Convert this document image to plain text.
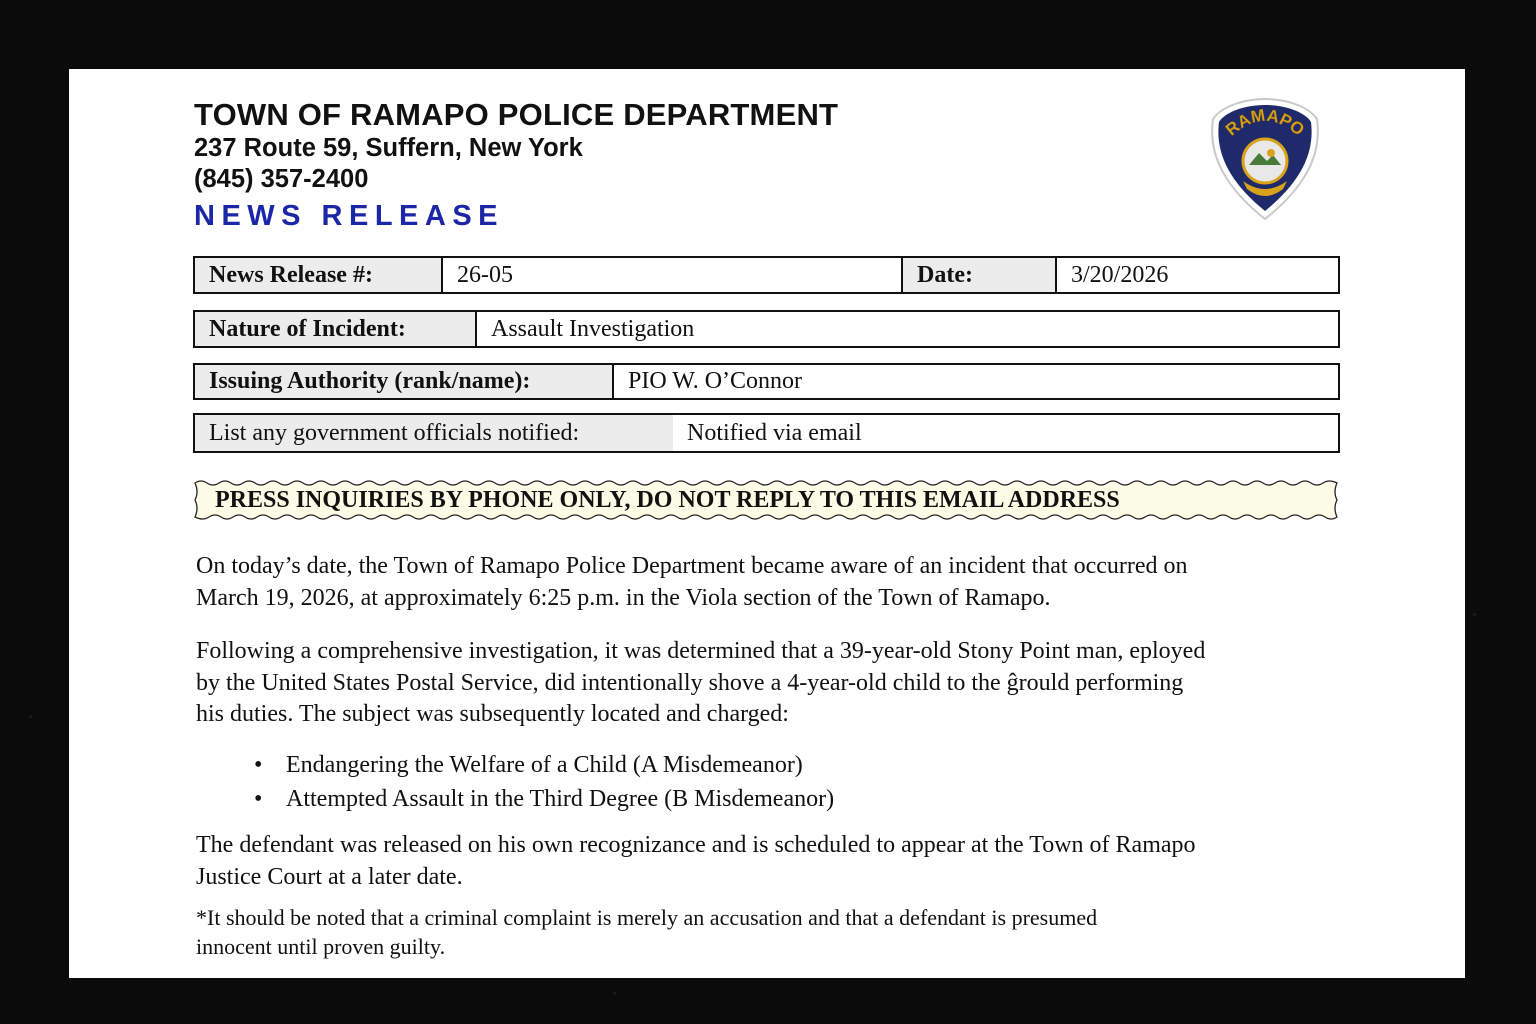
TOWN OF RAMAPO POLICE DEPARTMENT
237 Route 59, Suffern, New York
(845) 357-2400
NEWS RELEASE
RAMAPO
News Release #:	26-05	Date:	3/20/2026
Nature of Incident:	Assault Investigation
Issuing Authority (rank/name):	PIO W. O’Connor
List any government officials notified:	Notified via email
PRESS INQUIRIES BY PHONE ONLY, DO NOT REPLY TO THIS EMAIL ADDRESS

On today’s date, the Town of Ramapo Police Department became aware of an incident that occurred on

March 19, 2026, at approximately 6:25 p.m. in the Viola section of the Town of Ramapo.

Following a comprehensive investigation, it was determined that a 39-year-old Stony Point man, eployed

by the United States Postal Service, did intentionally shove a 4-year-old child to the ĝrould performing

his duties. The subject was subsequently located and charged:

• Endangering the Welfare of a Child (A Misdemeanor)
• Attempted Assault in the Third Degree (B Misdemeanor)

The defendant was released on his own recognizance and is scheduled to appear at the Town of Ramapo

Justice Court at a later date.

*It should be noted that a criminal complaint is merely an accusation and that a defendant is presumed

innocent until proven guilty.
